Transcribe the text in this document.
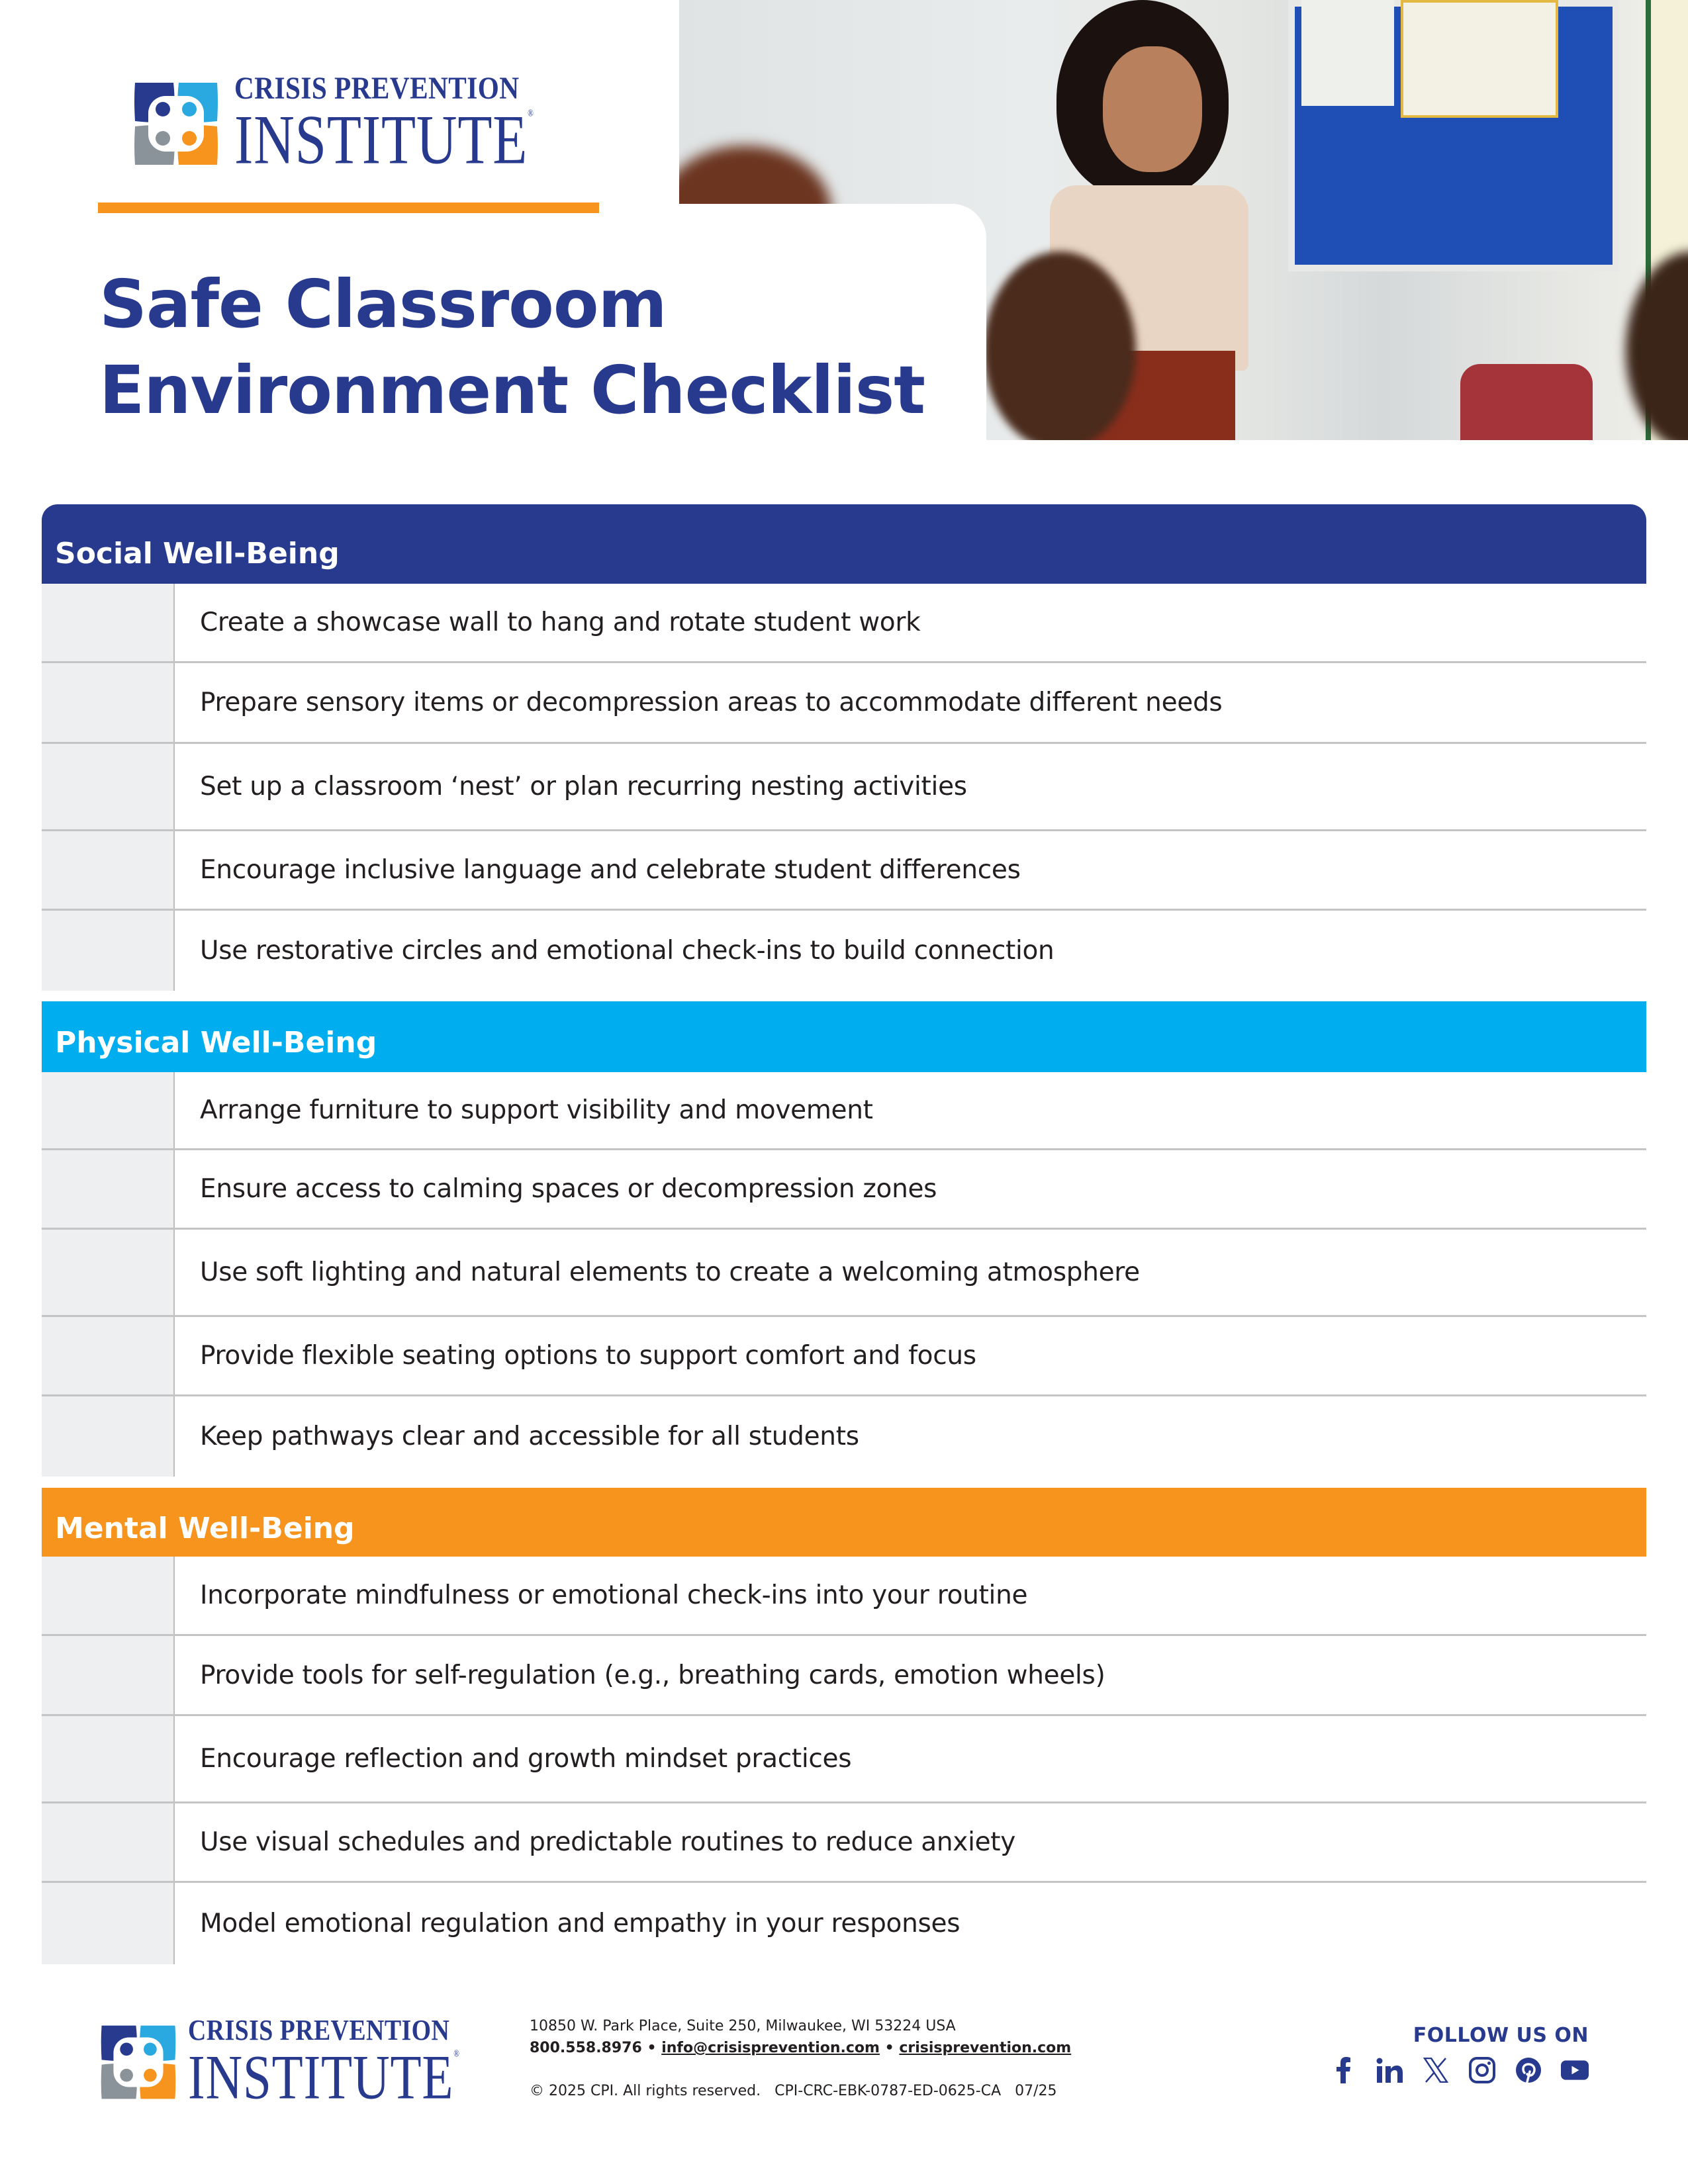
CRISIS PREVENTION
INSTITUTE®
Safe Classroom
Environment Checklist
Social Well-Being
Create a showcase wall to hang and rotate student work
Prepare sensory items or decompression areas to accommodate different needs
Set up a classroom ‘nest’ or plan recurring nesting activities
Encourage inclusive language and celebrate student differences
Use restorative circles and emotional check-ins to build connection
Physical Well-Being
Arrange furniture to support visibility and movement
Ensure access to calming spaces or decompression zones
Use soft lighting and natural elements to create a welcoming atmosphere
Provide flexible seating options to support comfort and focus
Keep pathways clear and accessible for all students
Mental Well-Being
Incorporate mindfulness or emotional check-ins into your routine
Provide tools for self-regulation (e.g., breathing cards, emotion wheels)
Encourage reflection and growth mindset practices
Use visual schedules and predictable routines to reduce anxiety
Model emotional regulation and empathy in your responses
CRISIS PREVENTION
INSTITUTE®
10850 W. Park Place, Suite 250, Milwaukee, WI 53224 USA
800.558.8976 • info@crisisprevention.com • crisisprevention.com
© 2025 CPI. All rights reserved. CPI-CRC-EBK-0787-ED-0625-CA 07/25
FOLLOW US ON
